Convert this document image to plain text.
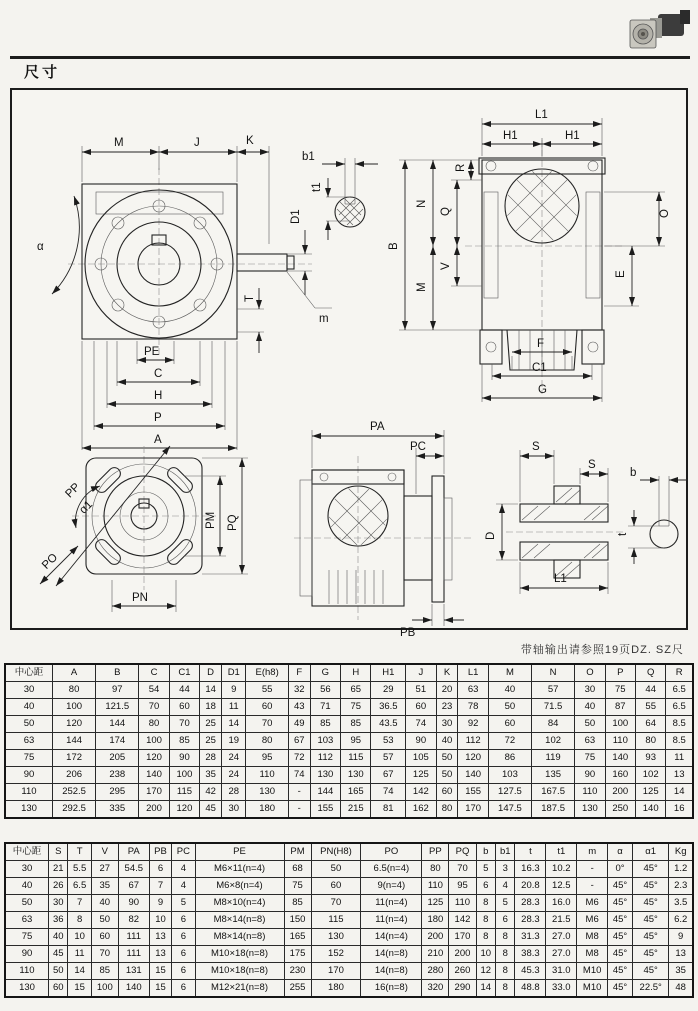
尺寸
M	J	K
D1
α
T
m
PE
C
H
P
A
b1
t1
L1
H1	H1
B
N
M
Q
V
R
O
E
F
C1
G
PP
α1
PO
PN
PM PQ
PA
PC
PB
S
S
D
L1
b
t
带轴输出请参照19页DZ. SZ尺
中心距	A	B	C	C1	D	D1	E(h8)	F	G	H	H1	J	K	L1	M	N	O	P	Q	R
30	80	97	54	44	14	9	55	32	56	65	29	51	20	63	40	57	30	75	44	6.5
40	100	121.5	70	60	18	11	60	43	71	75	36.5	60	23	78	50	71.5	40	87	55	6.5
50	120	144	80	70	25	14	70	49	85	85	43.5	74	30	92	60	84	50	100	64	8.5
63	144	174	100	85	25	19	80	67	103	95	53	90	40	112	72	102	63	110	80	8.5
75	172	205	120	90	28	24	95	72	112	115	57	105	50	120	86	119	75	140	93	11
90	206	238	140	100	35	24	110	74	130	130	67	125	50	140	103	135	90	160	102	13
110	252.5	295	170	115	42	28	130	-	144	165	74	142	60	155	127.5	167.5	110	200	125	14
130	292.5	335	200	120	45	30	180	-	155	215	81	162	80	170	147.5	187.5	130	250	140	16
中心距	S	T	V	PA	PB	PC	PE	PM	PN(H8)	PO	PP	PQ	b	b1	t	t1	m	α	α1	Kg
30	21	5.5	27	54.5	6	4	M6×11(n=4)	68	50	6.5(n=4)	80	70	5	3	16.3	10.2	-	0°	45°	1.2
40	26	6.5	35	67	7	4	M6×8(n=4)	75	60	9(n=4)	110	95	6	4	20.8	12.5	-	45°	45°	2.3
50	30	7	40	90	9	5	M8×10(n=4)	85	70	11(n=4)	125	110	8	5	28.3	16.0	M6	45°	45°	3.5
63	36	8	50	82	10	6	M8×14(n=8)	150	115	11(n=4)	180	142	8	6	28.3	21.5	M6	45°	45°	6.2
75	40	10	60	111	13	6	M8×14(n=8)	165	130	14(n=4)	200	170	8	8	31.3	27.0	M8	45°	45°	9
90	45	11	70	111	13	6	M10×18(n=8)	175	152	14(n=8)	210	200	10	8	38.3	27.0	M8	45°	45°	13
110	50	14	85	131	15	6	M10×18(n=8)	230	170	14(n=8)	280	260	12	8	45.3	31.0	M10	45°	45°	35
130	60	15	100	140	15	6	M12×21(n=8)	255	180	16(n=8)	320	290	14	8	48.8	33.0	M10	45°	22.5°	48
